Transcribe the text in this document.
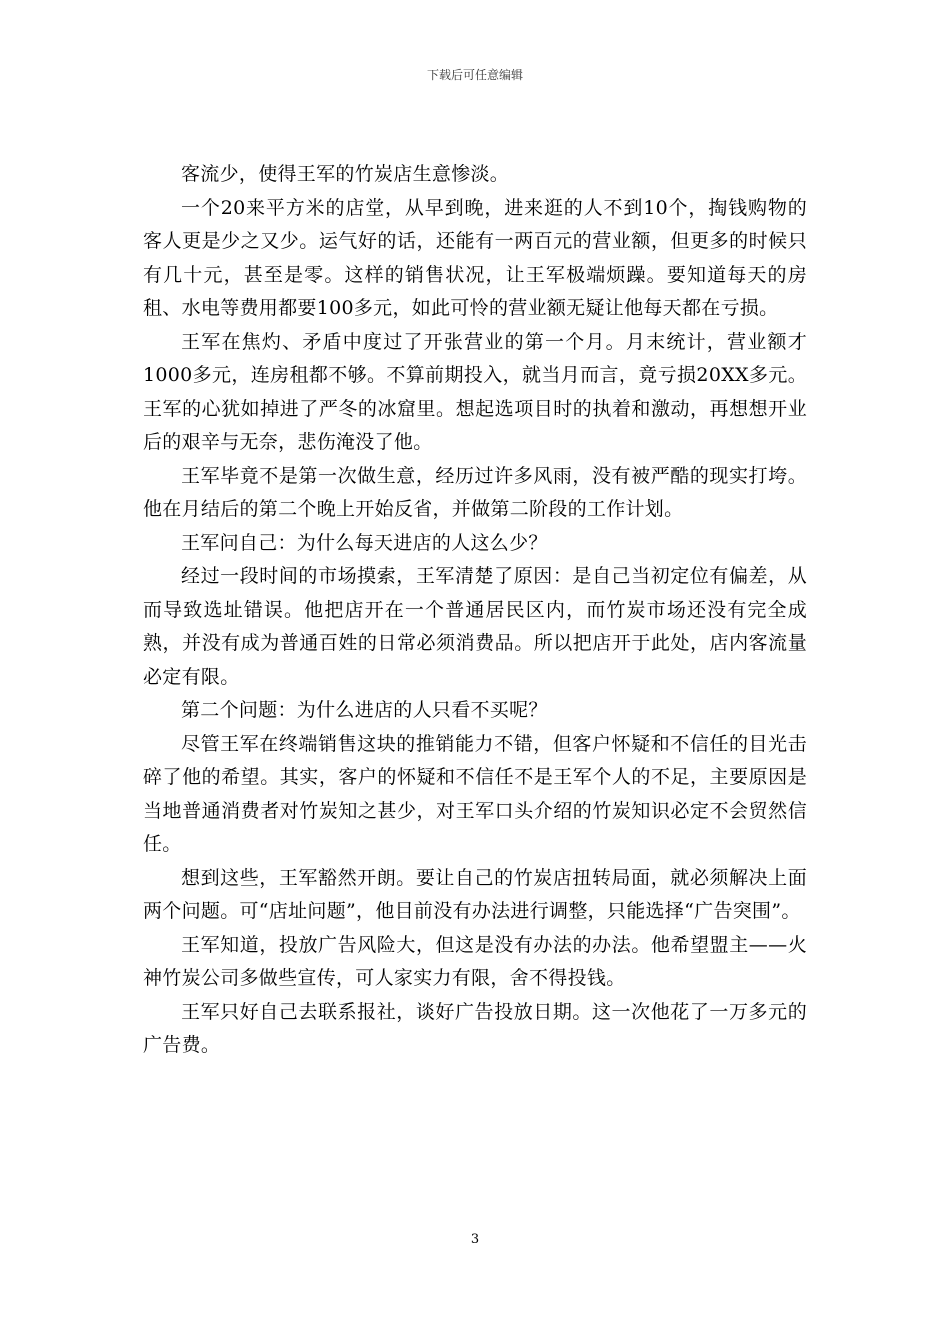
下载后可任意编辑

客流少，使得王军的竹炭店生意惨淡。

一个20来平方米的店堂，从早到晚，进来逛的人不到10个，掏钱购物的客人更是少之又少。运气好的话，还能有一两百元的营业额，但更多的时候只有几十元，甚至是零。这样的销售状况，让王军极端烦躁。要知道每天的房租、水电等费用都要100多元，如此可怜的营业额无疑让他每天都在亏损。

王军在焦灼、矛盾中度过了开张营业的第一个月。月末统计，营业额才1000多元，连房租都不够。不算前期投入，就当月而言，竟亏损20XX多元。王军的心犹如掉进了严冬的冰窟里。想起选项目时的执着和激动，再想想开业后的艰辛与无奈，悲伤淹没了他。

王军毕竟不是第一次做生意，经历过许多风雨，没有被严酷的现实打垮。他在月结后的第二个晚上开始反省，并做第二阶段的工作计划。

王军问自己：为什么每天进店的人这么少？

经过一段时间的市场摸索，王军清楚了原因：是自己当初定位有偏差，从而导致选址错误。他把店开在一个普通居民区内，而竹炭市场还没有完全成熟，并没有成为普通百姓的日常必须消费品。所以把店开于此处，店内客流量必定有限。

第二个问题：为什么进店的人只看不买呢？

尽管王军在终端销售这块的推销能力不错，但客户怀疑和不信任的目光击碎了他的希望。其实，客户的怀疑和不信任不是王军个人的不足，主要原因是当地普通消费者对竹炭知之甚少，对王军口头介绍的竹炭知识必定不会贸然信任。

想到这些，王军豁然开朗。要让自己的竹炭店扭转局面，就必须解决上面两个问题。可“店址问题”，他目前没有办法进行调整，只能选择“广告突围”。

王军知道，投放广告风险大，但这是没有办法的办法。他希望盟主——火神竹炭公司多做些宣传，可人家实力有限，舍不得投钱。

王军只好自己去联系报社，谈好广告投放日期。这一次他花了一万多元的广告费。

3
